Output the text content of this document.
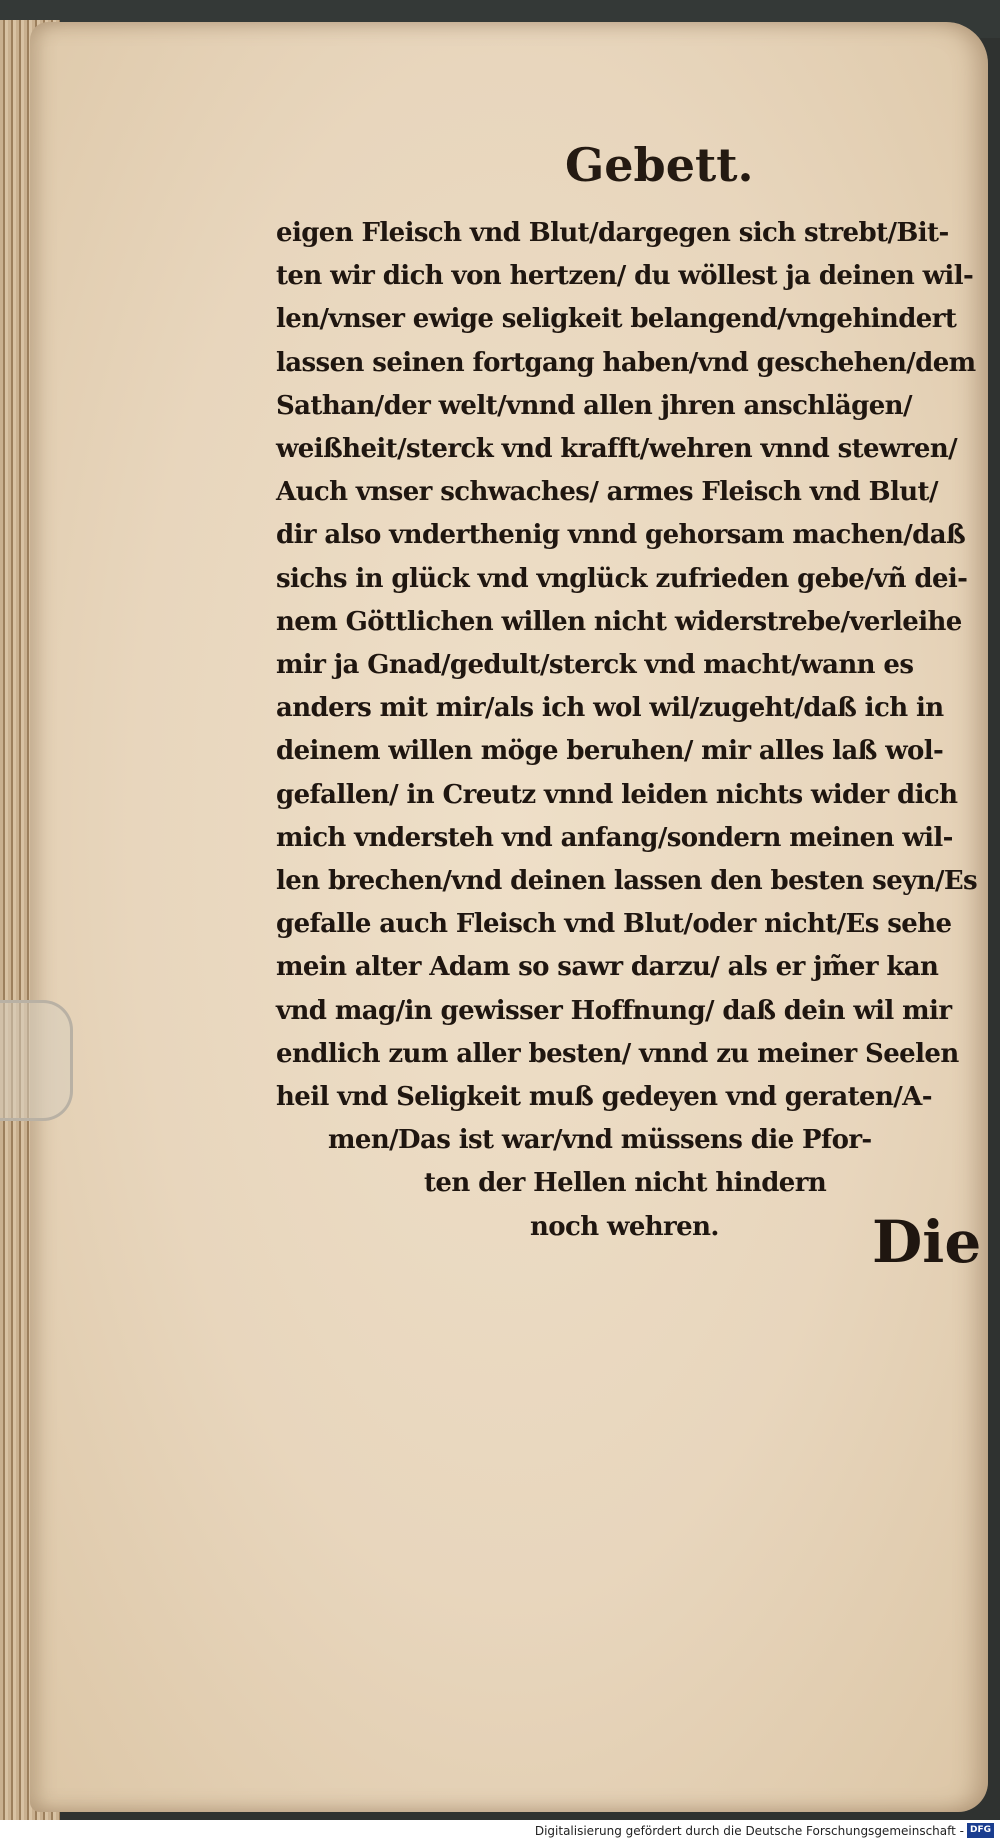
Gebett.
eigen Fleisch vnd Blut/dargegen sich strebt/Bit-
ten wir dich von hertzen/ du wöllest ja deinen wil-
len/vnser ewige seligkeit belangend/vngehindert
lassen seinen fortgang haben/vnd geschehen/dem
Sathan/der welt/vnnd allen jhren anschlägen/
weißheit/sterck vnd krafft/wehren vnnd stewren/
Auch vnser schwaches/ armes Fleisch vnd Blut/
dir also vnderthenig vnnd gehorsam machen/daß
sichs in glück vnd vnglück zufrieden gebe/vñ dei-
nem Göttlichen willen nicht widerstrebe/verleihe
mir ja Gnad/gedult/sterck vnd macht/wann es
anders mit mir/als ich wol wil/zugeht/daß ich in
deinem willen möge beruhen/ mir alles laß wol-
gefallen/ in Creutz vnnd leiden nichts wider dich
mich vndersteh vnd anfang/sondern meinen wil-
len brechen/vnd deinen lassen den besten seyn/Es
gefalle auch Fleisch vnd Blut/oder nicht/Es sehe
mein alter Adam so sawr darzu/ als er jm̃er kan
vnd mag/in gewisser Hoffnung/ daß dein wil mir
endlich zum aller besten/ vnnd zu meiner Seelen
heil vnd Seligkeit muß gedeyen vnd geraten/A-
men/Das ist war/vnd müssens die Pfor-
ten der Hellen nicht hindern
noch wehren.	Die
Digitalisierung gefördert durch die Deutsche Forschungsgemeinschaft - DFG
